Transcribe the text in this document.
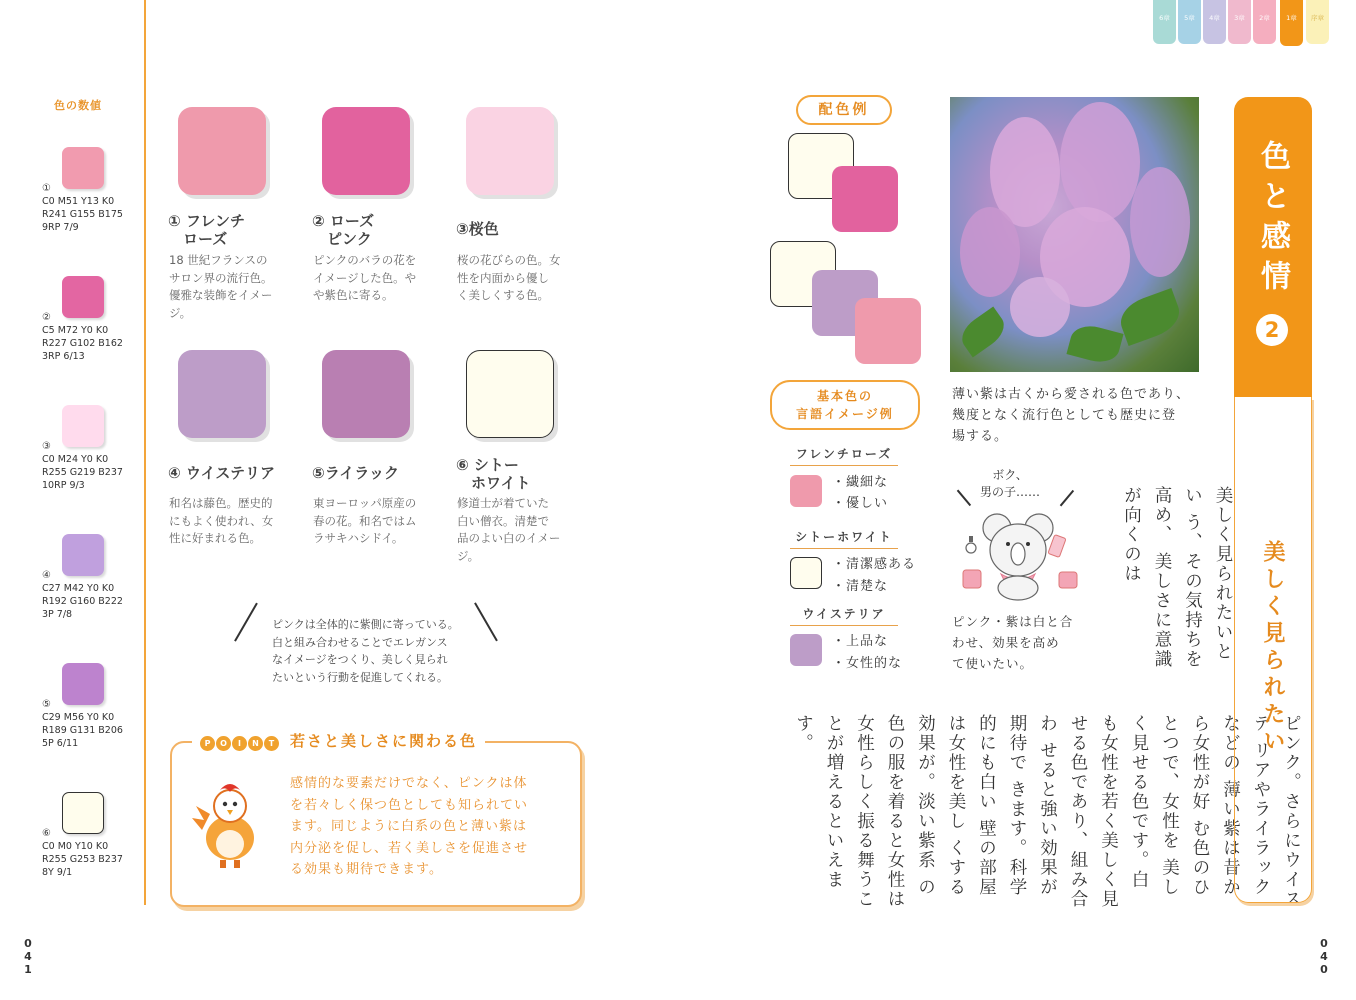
色の数値
①
C0 M51 Y13 K0
R241 G155 B175
9RP 7/9
②
C5 M72 Y0 K0
R227 G102 B162
3RP 6/13
③
C0 M24 Y0 K0
R255 G219 B237
10RP 9/3
④
C27 M42 Y0 K0
R192 G160 B222
3P 7/8
⑤
C29 M56 Y0 K0
R189 G131 B206
5P 6/11
⑥
C0 M0 Y10 K0
R255 G253 B237
8Y 9/1
① フレンチ
　ローズ
18 世紀フランスの
サロン界の流行色。
優雅な装飾をイメー
ジ。
② ローズ
　ピンク
ピンクのバラの花を
イメージした色。や
や紫色に寄る。
③桜色
桜の花びらの色。女
性を内面から優し
く美しくする色。
④ ウイステリア
和名は藤色。歴史的
にもよく使われ、女
性に好まれる色。
⑤ライラック
東ヨーロッパ原産の
春の花。和名ではム
ラサキハシドイ。
⑥ シトー
　ホワイト
修道士が着ていた
白い僧衣。清楚で
品のよい白のイメー
ジ。
ピンクは全体的に紫側に寄っている。
白と組み合わせることでエレガンス
なイメージをつくり、美しく見られ
たいという行動を促進してくれる。
P O I N T	若さと美しさに関わる色
感情的な要素だけでなく、ピンクは体
を若々しく保つ色としても知られてい
ます。同じように白系の色と薄い紫は
内分泌を促し、若く美しさを促進させ
る効果も期待できます。
0
4
1
6章	5章	4章	3章	2章	1章	序章
配色例
基本色の
言語イメージ例
フレンチローズ
・繊細な
・優しい
シトーホワイト
・清潔感ある
・清楚な
ウイステリア
・上品な
・女性的な
薄い紫は古くから愛される色であり、
幾度となく流行色としても歴史に登
場する。
ボク、
男の子……
ピンク・紫は白と合
わせ、効果を高め
て使いたい。
美しく見られたいとい う、その気持ちを高め、 美しさに意識が向くのは
ピンク。さらにウイステ リアやライラックなどの 薄い紫は昔から女性が好 む色のひとつで、女性を 美しく見せる色です。白 も女性を若く美しく見 せる色であり、組み合わ せると強い効果が期待で きます。科学的にも白い 壁の部屋は女性を美し くする効果が。淡い紫系 の色の服を着ると女性は 女性らしく振る舞うこ とが増えるといえます。
色と感情
2
美しく見られたい
0
4
0
